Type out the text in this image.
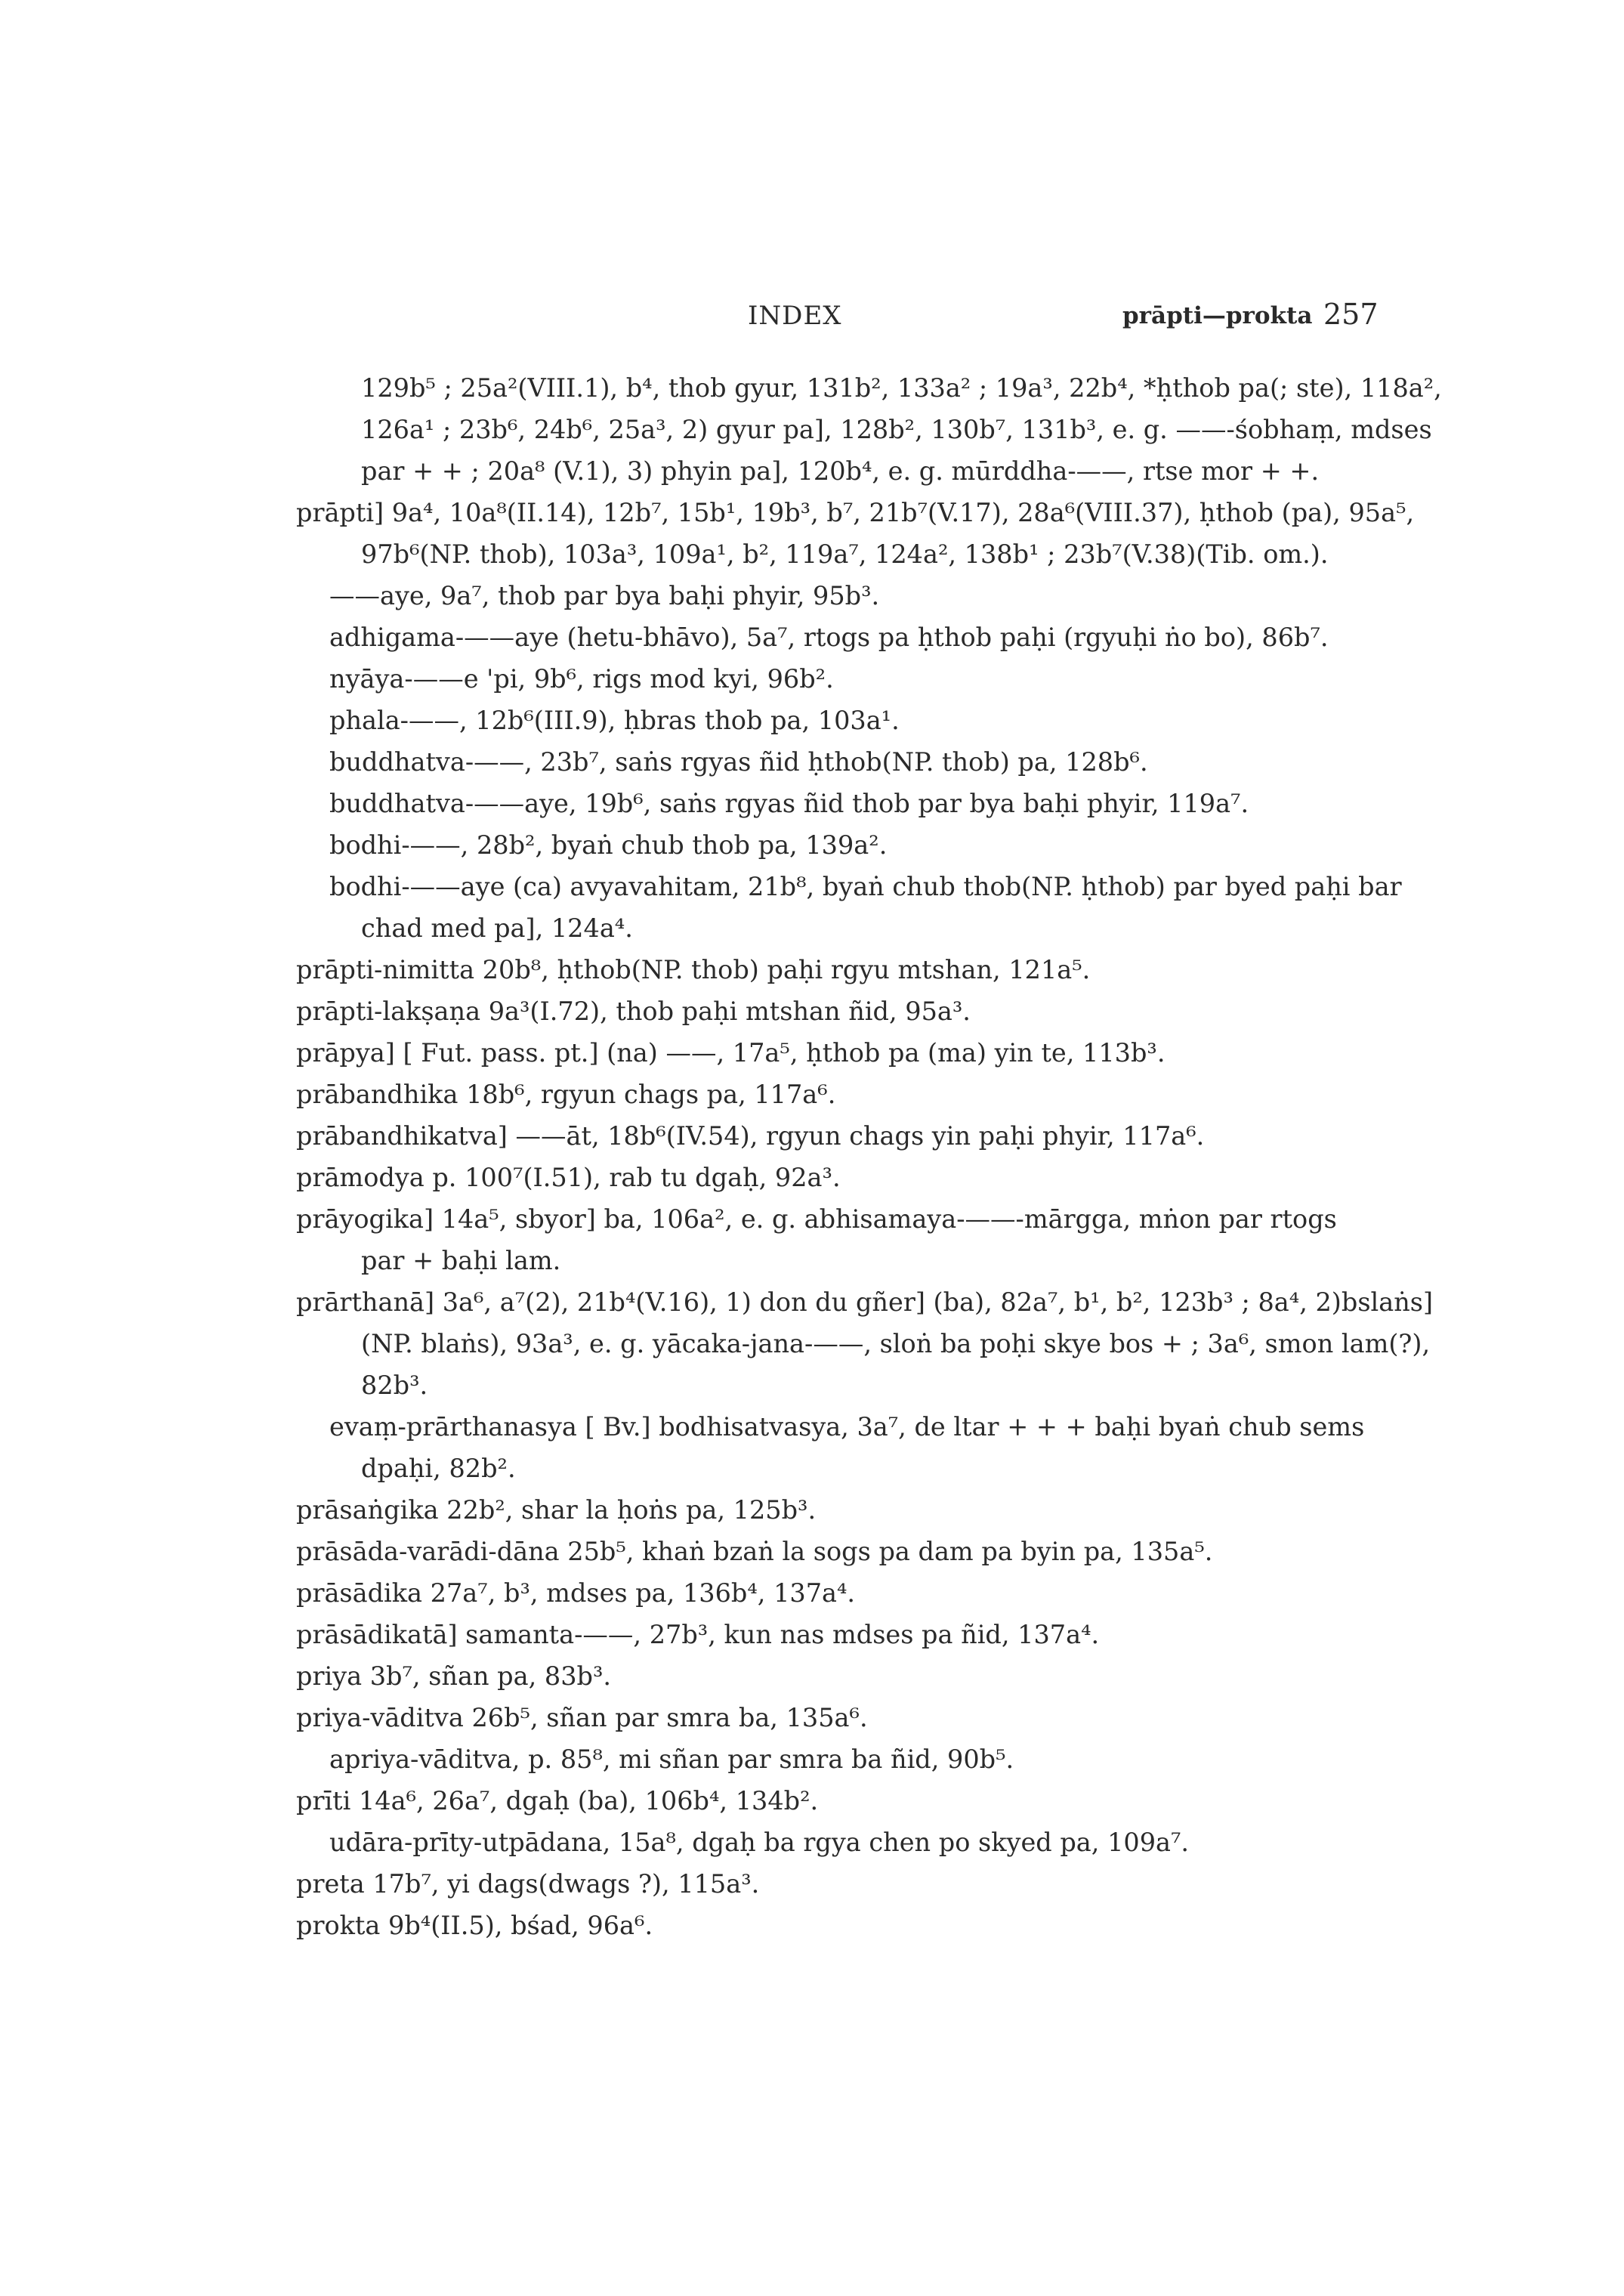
INDEX	prāpti—prokta 257
129b⁵ ; 25a²(VIII.1), b⁴, thob gyur, 131b², 133a² ; 19a³, 22b⁴, *ḥthob pa(; ste), 118a²,
126a¹ ; 23b⁶, 24b⁶, 25a³, 2) gyur pa], 128b², 130b⁷, 131b³, e. g. ——-śobhaṃ, mdses
par + + ; 20a⁸ (V.1), 3) phyin pa], 120b⁴, e. g. mūrddha-——, rtse mor + +.
prāpti] 9a⁴, 10a⁸(II.14), 12b⁷, 15b¹, 19b³, b⁷, 21b⁷(V.17), 28a⁶(VIII.37), ḥthob (pa), 95a⁵,
97b⁶(NP. thob), 103a³, 109a¹, b², 119a⁷, 124a², 138b¹ ; 23b⁷(V.38)(Tib. om.).
——aye, 9a⁷, thob par bya baḥi phyir, 95b³.
adhigama-——aye (hetu-bhāvo), 5a⁷, rtogs pa ḥthob paḥi (rgyuḥi ṅo bo), 86b⁷.
nyāya-——e 'pi, 9b⁶, rigs mod kyi, 96b².
phala-——, 12b⁶(III.9), ḥbras thob pa, 103a¹.
buddhatva-——, 23b⁷, saṅs rgyas ñid ḥthob(NP. thob) pa, 128b⁶.
buddhatva-——aye, 19b⁶, saṅs rgyas ñid thob par bya baḥi phyir, 119a⁷.
bodhi-——, 28b², byaṅ chub thob pa, 139a².
bodhi-——aye (ca) avyavahitam, 21b⁸, byaṅ chub thob(NP. ḥthob) par byed paḥi bar
chad med pa], 124a⁴.
prāpti-nimitta 20b⁸, ḥthob(NP. thob) paḥi rgyu mtshan, 121a⁵.
prāpti-lakṣaṇa 9a³(I.72), thob paḥi mtshan ñid, 95a³.
prāpya] [ Fut. pass. pt.] (na) ——, 17a⁵, ḥthob pa (ma) yin te, 113b³.
prābandhika 18b⁶, rgyun chags pa, 117a⁶.
prābandhikatva] ——āt, 18b⁶(IV.54), rgyun chags yin paḥi phyir, 117a⁶.
prāmodya p. 100⁷(I.51), rab tu dgaḥ, 92a³.
prāyogika] 14a⁵, sbyor] ba, 106a², e. g. abhisamaya-——-mārgga, mṅon par rtogs
par + baḥi lam.
prārthanā] 3a⁶, a⁷(2), 21b⁴(V.16), 1) don du gñer] (ba), 82a⁷, b¹, b², 123b³ ; 8a⁴, 2)bslaṅs]
(NP. blaṅs), 93a³, e. g. yācaka-jana-——, sloṅ ba poḥi skye bos + ; 3a⁶, smon lam(?),
82b³.
evaṃ-prārthanasya [ Bv.] bodhisatvasya, 3a⁷, de ltar + + + baḥi byaṅ chub sems
dpaḥi, 82b².
prāsaṅgika 22b², shar la ḥoṅs pa, 125b³.
prāsāda-varādi-dāna 25b⁵, khaṅ bzaṅ la sogs pa dam pa byin pa, 135a⁵.
prāsādika 27a⁷, b³, mdses pa, 136b⁴, 137a⁴.
prāsādikatā] samanta-——, 27b³, kun nas mdses pa ñid, 137a⁴.
priya 3b⁷, sñan pa, 83b³.
priya-vāditva 26b⁵, sñan par smra ba, 135a⁶.
apriya-vāditva, p. 85⁸, mi sñan par smra ba ñid, 90b⁵.
prīti 14a⁶, 26a⁷, dgaḥ (ba), 106b⁴, 134b².
udāra-prīty-utpādana, 15a⁸, dgaḥ ba rgya chen po skyed pa, 109a⁷.
preta 17b⁷, yi dags(dwags ?), 115a³.
prokta 9b⁴(II.5), bśad, 96a⁶.
